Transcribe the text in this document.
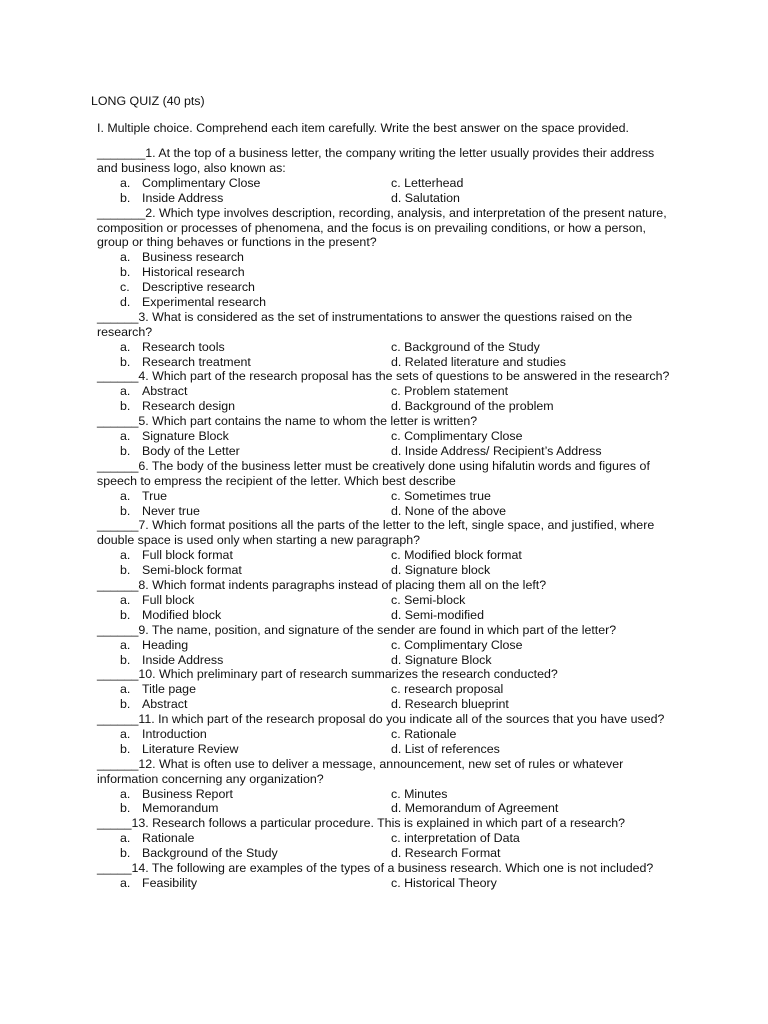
LONG QUIZ (40 pts)
I. Multiple choice. Comprehend each item carefully. Write the best answer on the space provided.
_______1. At the top of a business letter, the company writing the letter usually provides their address and business logo, also known as:
a. Complimentary Close	c. Letterhead
b. Inside Address	d. Salutation
_______2. Which type involves description, recording, analysis, and interpretation of the present nature, composition or processes of phenomena, and the focus is on prevailing conditions, or how a person, group or thing behaves or functions in the present?
a. Business research
b. Historical research
c. Descriptive research
d. Experimental research
______3. What is considered as the set of instrumentations to answer the questions raised on the research?
a. Research tools	c. Background of the Study
b. Research treatment	d. Related literature and studies
______4. Which part of the research proposal has the sets of questions to be answered in the research?
a. Abstract	c. Problem statement
b. Research design	d. Background of the problem
______5. Which part contains the name to whom the letter is written?
a. Signature Block	c. Complimentary Close
b. Body of the Letter	d. Inside Address/ Recipient’s Address
______6. The body of the business letter must be creatively done using hifalutin words and figures of speech to empress the recipient of the letter. Which best describe
a. True	c. Sometimes true
b. Never true	d. None of the above
______7. Which format positions all the parts of the letter to the left, single space, and justified, where double space is used only when starting a new paragraph?
a. Full block format	c. Modified block format
b. Semi-block format	d. Signature block
______8. Which format indents paragraphs instead of placing them all on the left?
a. Full block	c. Semi-block
b. Modified block	d. Semi-modified
______9. The name, position, and signature of the sender are found in which part of the letter?
a. Heading	c. Complimentary Close
b. Inside Address	d. Signature Block
______10. Which preliminary part of research summarizes the research conducted?
a. Title page	c. research proposal
b. Abstract	d. Research blueprint
______11. In which part of the research proposal do you indicate all of the sources that you have used?
a. Introduction	c. Rationale
b. Literature Review	d. List of references
______12. What is often use to deliver a message, announcement, new set of rules or whatever information concerning any organization?
a. Business Report	c. Minutes
b. Memorandum	d. Memorandum of Agreement
_____13. Research follows a particular procedure. This is explained in which part of a research?
a. Rationale	c. interpretation of Data
b. Background of the Study	d. Research Format
_____14. The following are examples of the types of a business research. Which one is not included?
a. Feasibility	c. Historical Theory
